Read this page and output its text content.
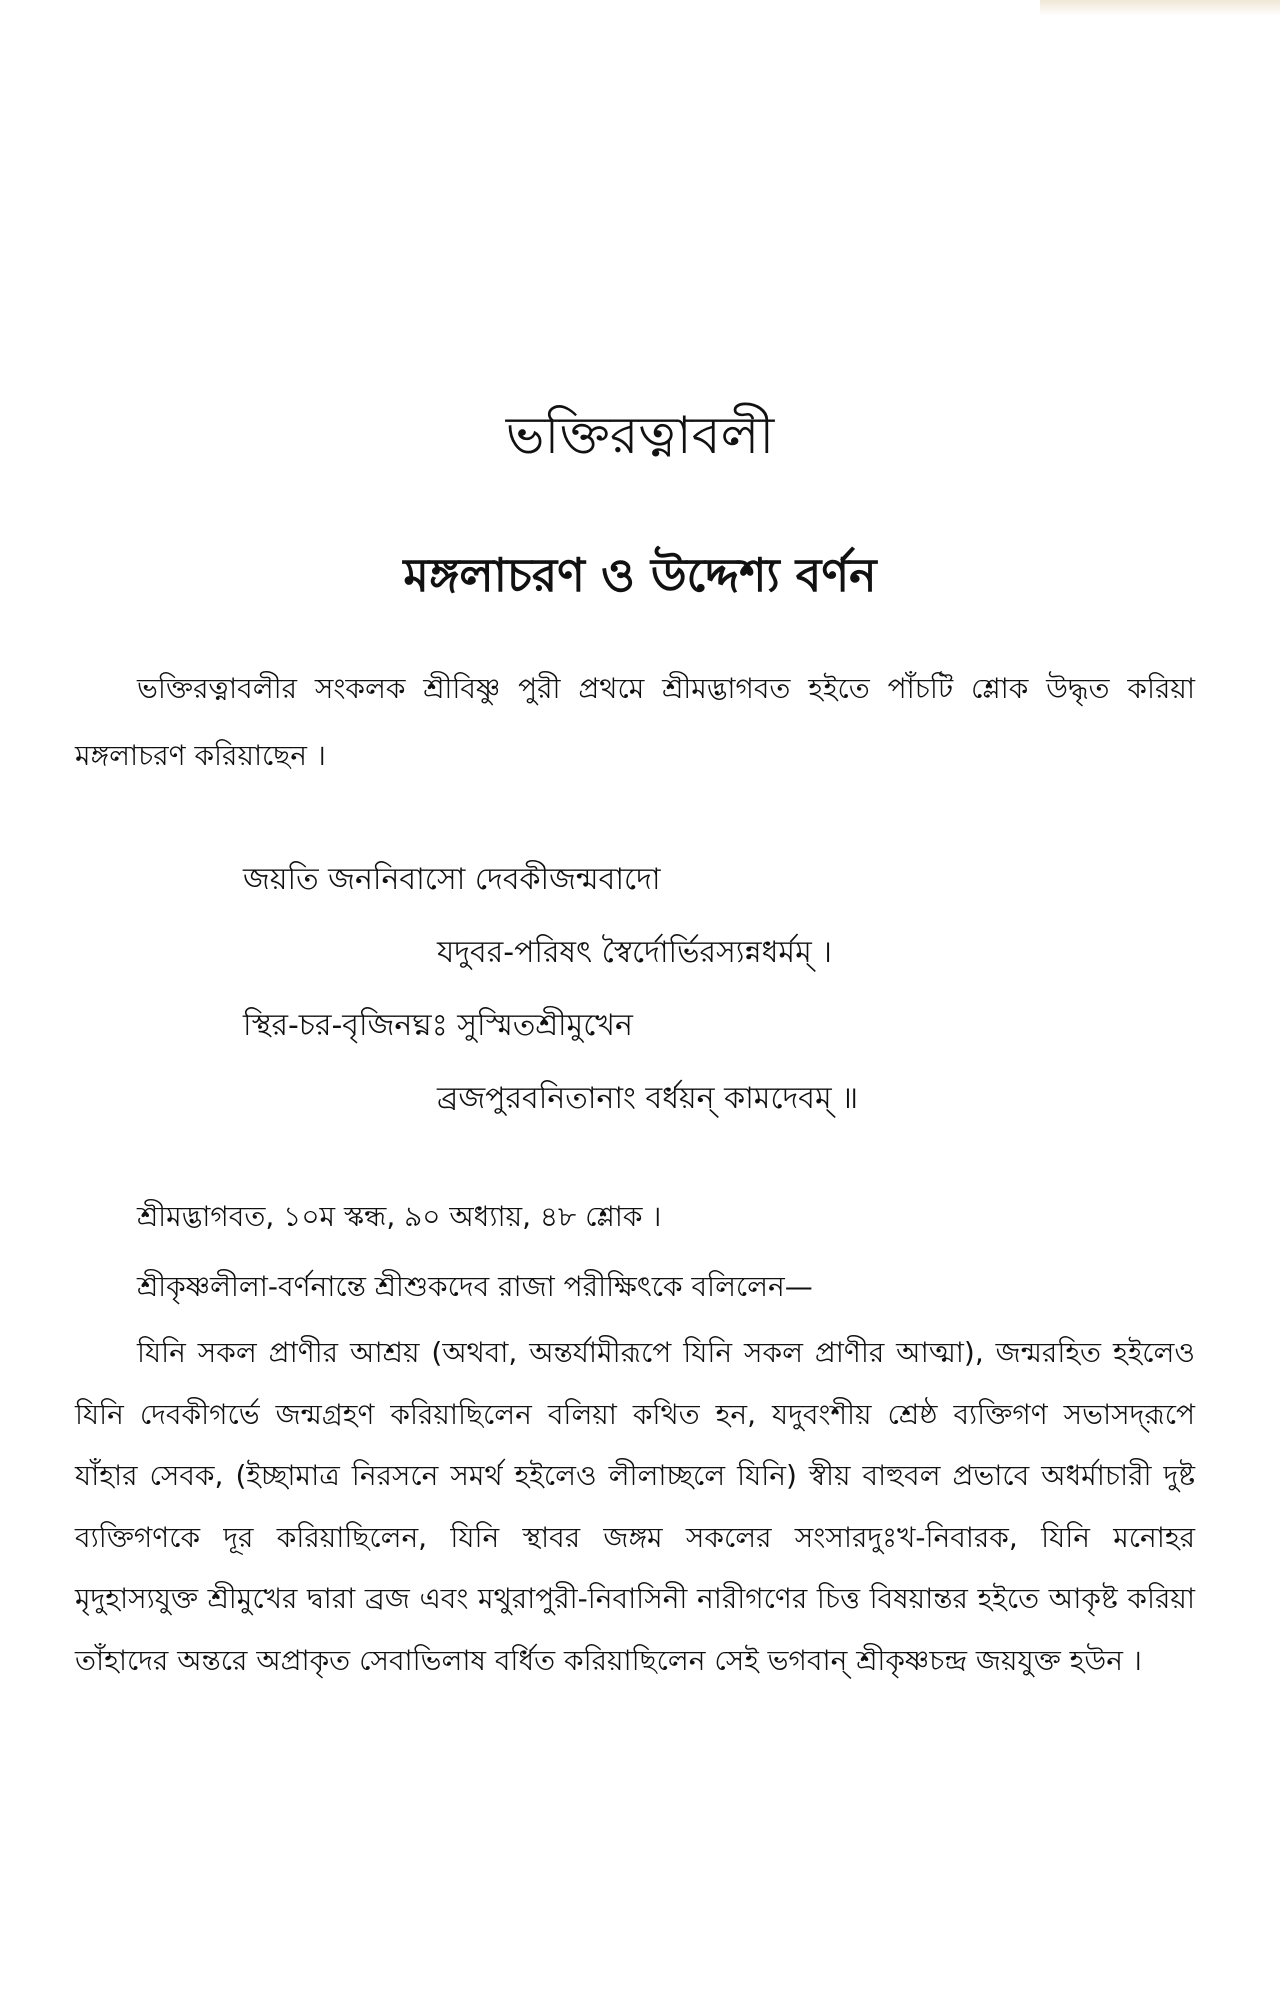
ভক্তিরত্নাবলী
মঙ্গলাচরণ ও উদ্দেশ্য বর্ণন

ভক্তিরত্নাবলীর সংকলক শ্রীবিষ্ণু পুরী প্রথমে শ্রীমদ্ভাগবত হইতে পাঁচটি শ্লোক উদ্ধৃত করিয়া মঙ্গলাচরণ করিয়াছেন ।

জয়তি জননিবাসো দেবকীজন্মবাদো

যদুবর-পরিষৎ স্বৈর্দোর্ভিরস্যন্নধর্মম্ ।

স্থির-চর-বৃজিনঘ্নঃ সুস্মিতশ্রীমুখেন

ব্রজপুরবনিতানাং বর্ধয়ন্ কামদেবম্ ॥

শ্রীমদ্ভাগবত, ১০ম স্কন্ধ, ৯০ অধ্যায়, ৪৮ শ্লোক ।

শ্রীকৃষ্ণলীলা-বর্ণনান্তে শ্রীশুকদেব রাজা পরীক্ষিৎকে বলিলেন—

যিনি সকল প্রাণীর আশ্রয় (অথবা, অন্তর্যামীরূপে যিনি সকল প্রাণীর আত্মা), জন্মরহিত হইলেও যিনি দেবকীগর্ভে জন্মগ্রহণ করিয়াছিলেন বলিয়া কথিত হন, যদুবংশীয় শ্রেষ্ঠ ব্যক্তিগণ সভাসদ্‌রূপে যাঁহার সেবক, (ইচ্ছামাত্র নিরসনে সমর্থ হইলেও লীলাচ্ছলে যিনি) স্বীয় বাহুবল প্রভাবে অধর্মাচারী দুষ্ট ব্যক্তিগণকে দূর করিয়াছিলেন, যিনি স্থাবর জঙ্গম সকলের সংসারদুঃখ-নিবারক, যিনি মনোহর মৃদুহাস্যযুক্ত শ্রীমুখের দ্বারা ব্রজ এবং মথুরাপুরী-নিবাসিনী নারীগণের চিত্ত বিষয়ান্তর হইতে আকৃষ্ট করিয়া তাঁহাদের অন্তরে অপ্রাকৃত সেবাভিলাষ বর্ধিত করিয়াছিলেন সেই ভগবান্ শ্রীকৃষ্ণচন্দ্র জয়যুক্ত হউন ।
